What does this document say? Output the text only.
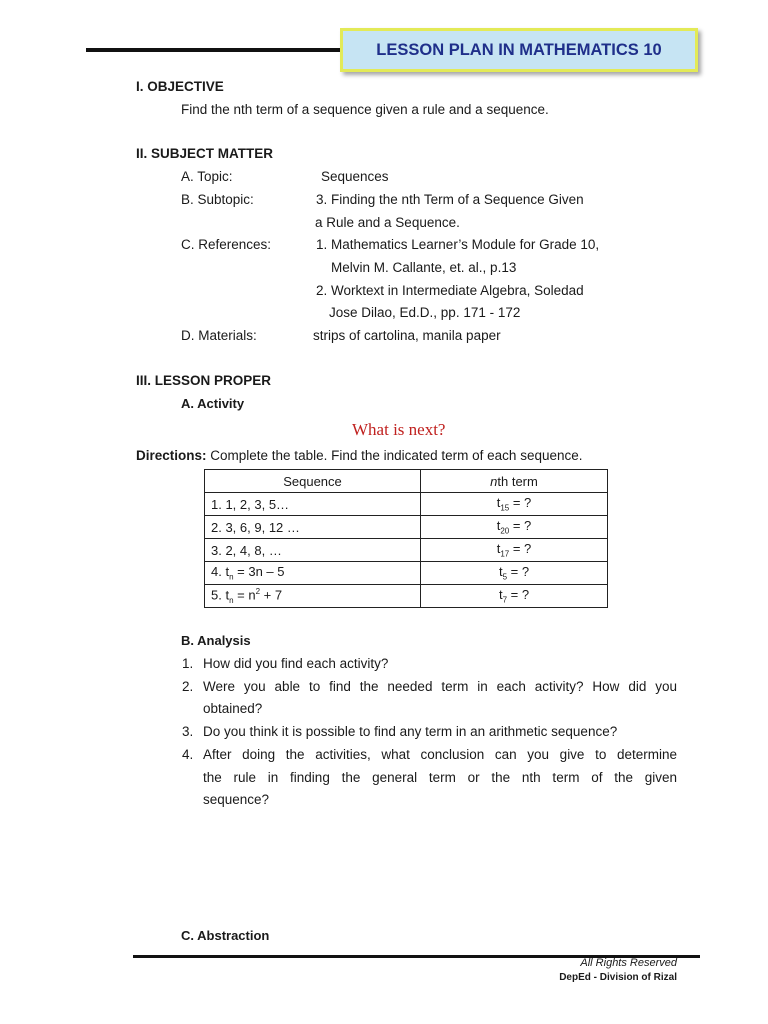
LESSON PLAN IN MATHEMATICS 10
I. OBJECTIVE
Find the nth term of a sequence given a rule and a sequence.
II. SUBJECT MATTER
A. Topic:	Sequences
B. Subtopic:	3. Finding the nth Term of a Sequence Given
a Rule and a Sequence.
C. References:	1. Mathematics Learner’s Module for Grade 10,
Melvin M. Callante, et. al., p.13
2. Worktext in Intermediate Algebra, Soledad
Jose Dilao, Ed.D., pp. 171 - 172
D. Materials:	strips of cartolina, manila paper
III. LESSON PROPER
A. Activity
What is next?
Directions: Complete the table. Find the indicated term of each sequence.
Sequence	nth term
1. 1, 2, 3, 5…	$t_{15}$ = ?
2. 3, 6, 9, 12 …	$t_{20}$ = ?
3. 2, 4, 8, …	$t_{17}$ = ?
4. $t_n = 3n - 5$	$t_5$ = ?
5. $t_n = n^2 + 7$	$t_7$ = ?
B. Analysis
1. How did you find each activity?
2. Were you able to find the needed term in each activity? How did you
obtained?
3. Do you think it is possible to find any term in an arithmetic sequence?
4. After doing the activities, what conclusion can you give to determine
the rule in finding the general term or the nth term of the given
sequence?
C. Abstraction
All Rights Reserved
DepEd - Division of Rizal
